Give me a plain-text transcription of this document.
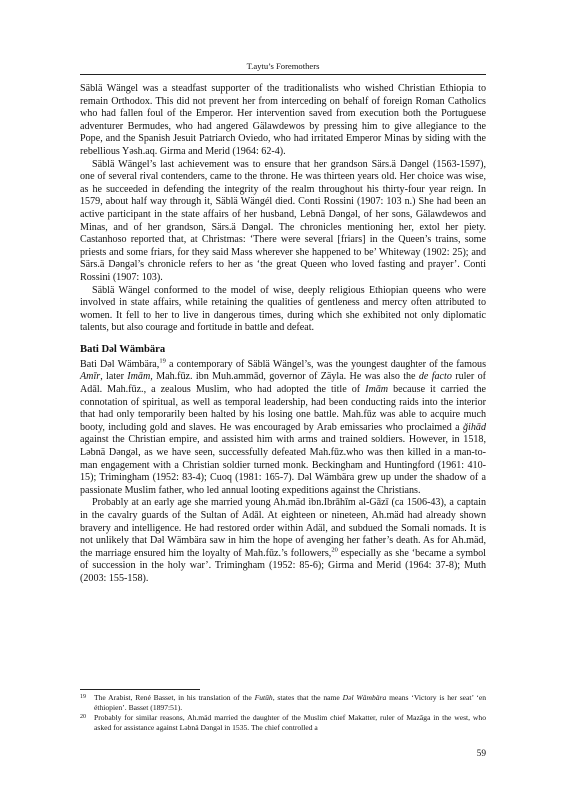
T.aytu’s Foremothers

Säblä Wängel was a steadfast supporter of the traditionalists who wished Christian Ethiopia to remain Orthodox. This did not prevent her from interceding on behalf of foreign Roman Catholics who had fallen foul of the Emperor. Her intervention saved from execution both the Portuguese adventurer Bermudes, who had angered Gälawdewos by pressing him to give allegiance to the Pope, and the Spanish Jesuit Patriarch Oviedo, who had irritated Emperor Minas by siding with the rebellious Yəsh.aq. Girma and Merid (1964: 62-4).

Säblä Wängel’s last achievement was to ensure that her grandson Särs.ä Dəngel (1563-1597), one of several rival contenders, came to the throne. He was thirteen years old. Her choice was wise, as he succeeded in defending the integrity of the realm throughout his thirty-four year reign. In 1579, about half way through it, Säblä Wängél died. Conti Rossini (1907: 103 n.) She had been an active participant in the state affairs of her husband, Lebnä Dəngəl, of her sons, Gälawdewos and Minas, and of her grandson, Särs.ä Dəngəl. The chronicles mentioning her, extol her piety. Castanhoso reported that, at Christmas: ‘There were several [friars] in the Queen’s trains, some priests and some friars, for they said Mass wherever she happened to be’ Whiteway (1902: 25); and Särs.ä Dəngəl’s chronicle refers to her as ‘the great Queen who loved fasting and prayer’. Conti Rossini (1907: 103).

Säblä Wängel conformed to the model of wise, deeply religious Ethiopian queens who were involved in state affairs, while retaining the qualities of gentleness and mercy often attributed to women. It fell to her to live in dangerous times, during which she exhibited not only diplomatic talents, but also courage and fortitude in battle and defeat.

Bati Dəl Wämbära

Bati Dəl Wämbära,$^{19}$ a contemporary of Säblä Wängel’s, was the youngest daughter of the famous Amīr, later Imām, Mah.fūz. ibn Muh.ammād, governor of Zäyla. He was also the de facto ruler of Adāl. Mah.fūz., a zealous Muslim, who had adopted the title of Imām because it carried the connotation of spiritual, as well as temporal leadership, had been conducting raids into the interior that had only temporarily been halted by his losing one battle. Mah.fūz was able to acquire much booty, including gold and slaves. He was encouraged by Arab emissaries who proclaimed a ğihād against the Christian empire, and assisted him with arms and trained soldiers. However, in 1518, Ləbnä Dəngəl, as we have seen, successfully defeated Mah.fūz.who was then killed in a man-to-man engagement with a Christian soldier turned monk. Beckingham and Huntingford (1961: 410-15); Trimingham (1952: 83-4); Cuoq (1981: 165-7). Dəl Wämbära grew up under the shadow of a passionate Muslim father, who led annual looting expeditions against the Christians.

Probably at an early age she married young Ah.mäd ibn.Ibrāhīm al-Gāzī (ca 1506-43), a captain in the cavalry guards of the Sultan of Adāl. At eighteen or nineteen, Ah.mäd had already shown bravery and intelligence. He had restored order within Adäl, and subdued the Somali nomads. It is not unlikely that Dəl Wämbära saw in him the hope of avenging her father’s death. As for Ah.mäd, the marriage ensured him the loyalty of Mah.fūz.’s followers,$^{20}$ especially as she ‘became a symbol of succession in the holy war’. Trimingham (1952: 85-6); Girma and Merid (1964: 37-8); Muth (2003: 155-158).

19 The Arabist, René Basset, in his translation of the Futūh, states that the name Dəl Wämbära means ‘Victory is her seat’ ‘en éthiopien’. Basset (1897:51).

20 Probably for similar reasons, Ah.mäd married the daughter of the Muslim chief Makatter, ruler of Mazāga in the west, who asked for assistance against Ləbnä Dəngəl in 1535. The chief controlled a

59
